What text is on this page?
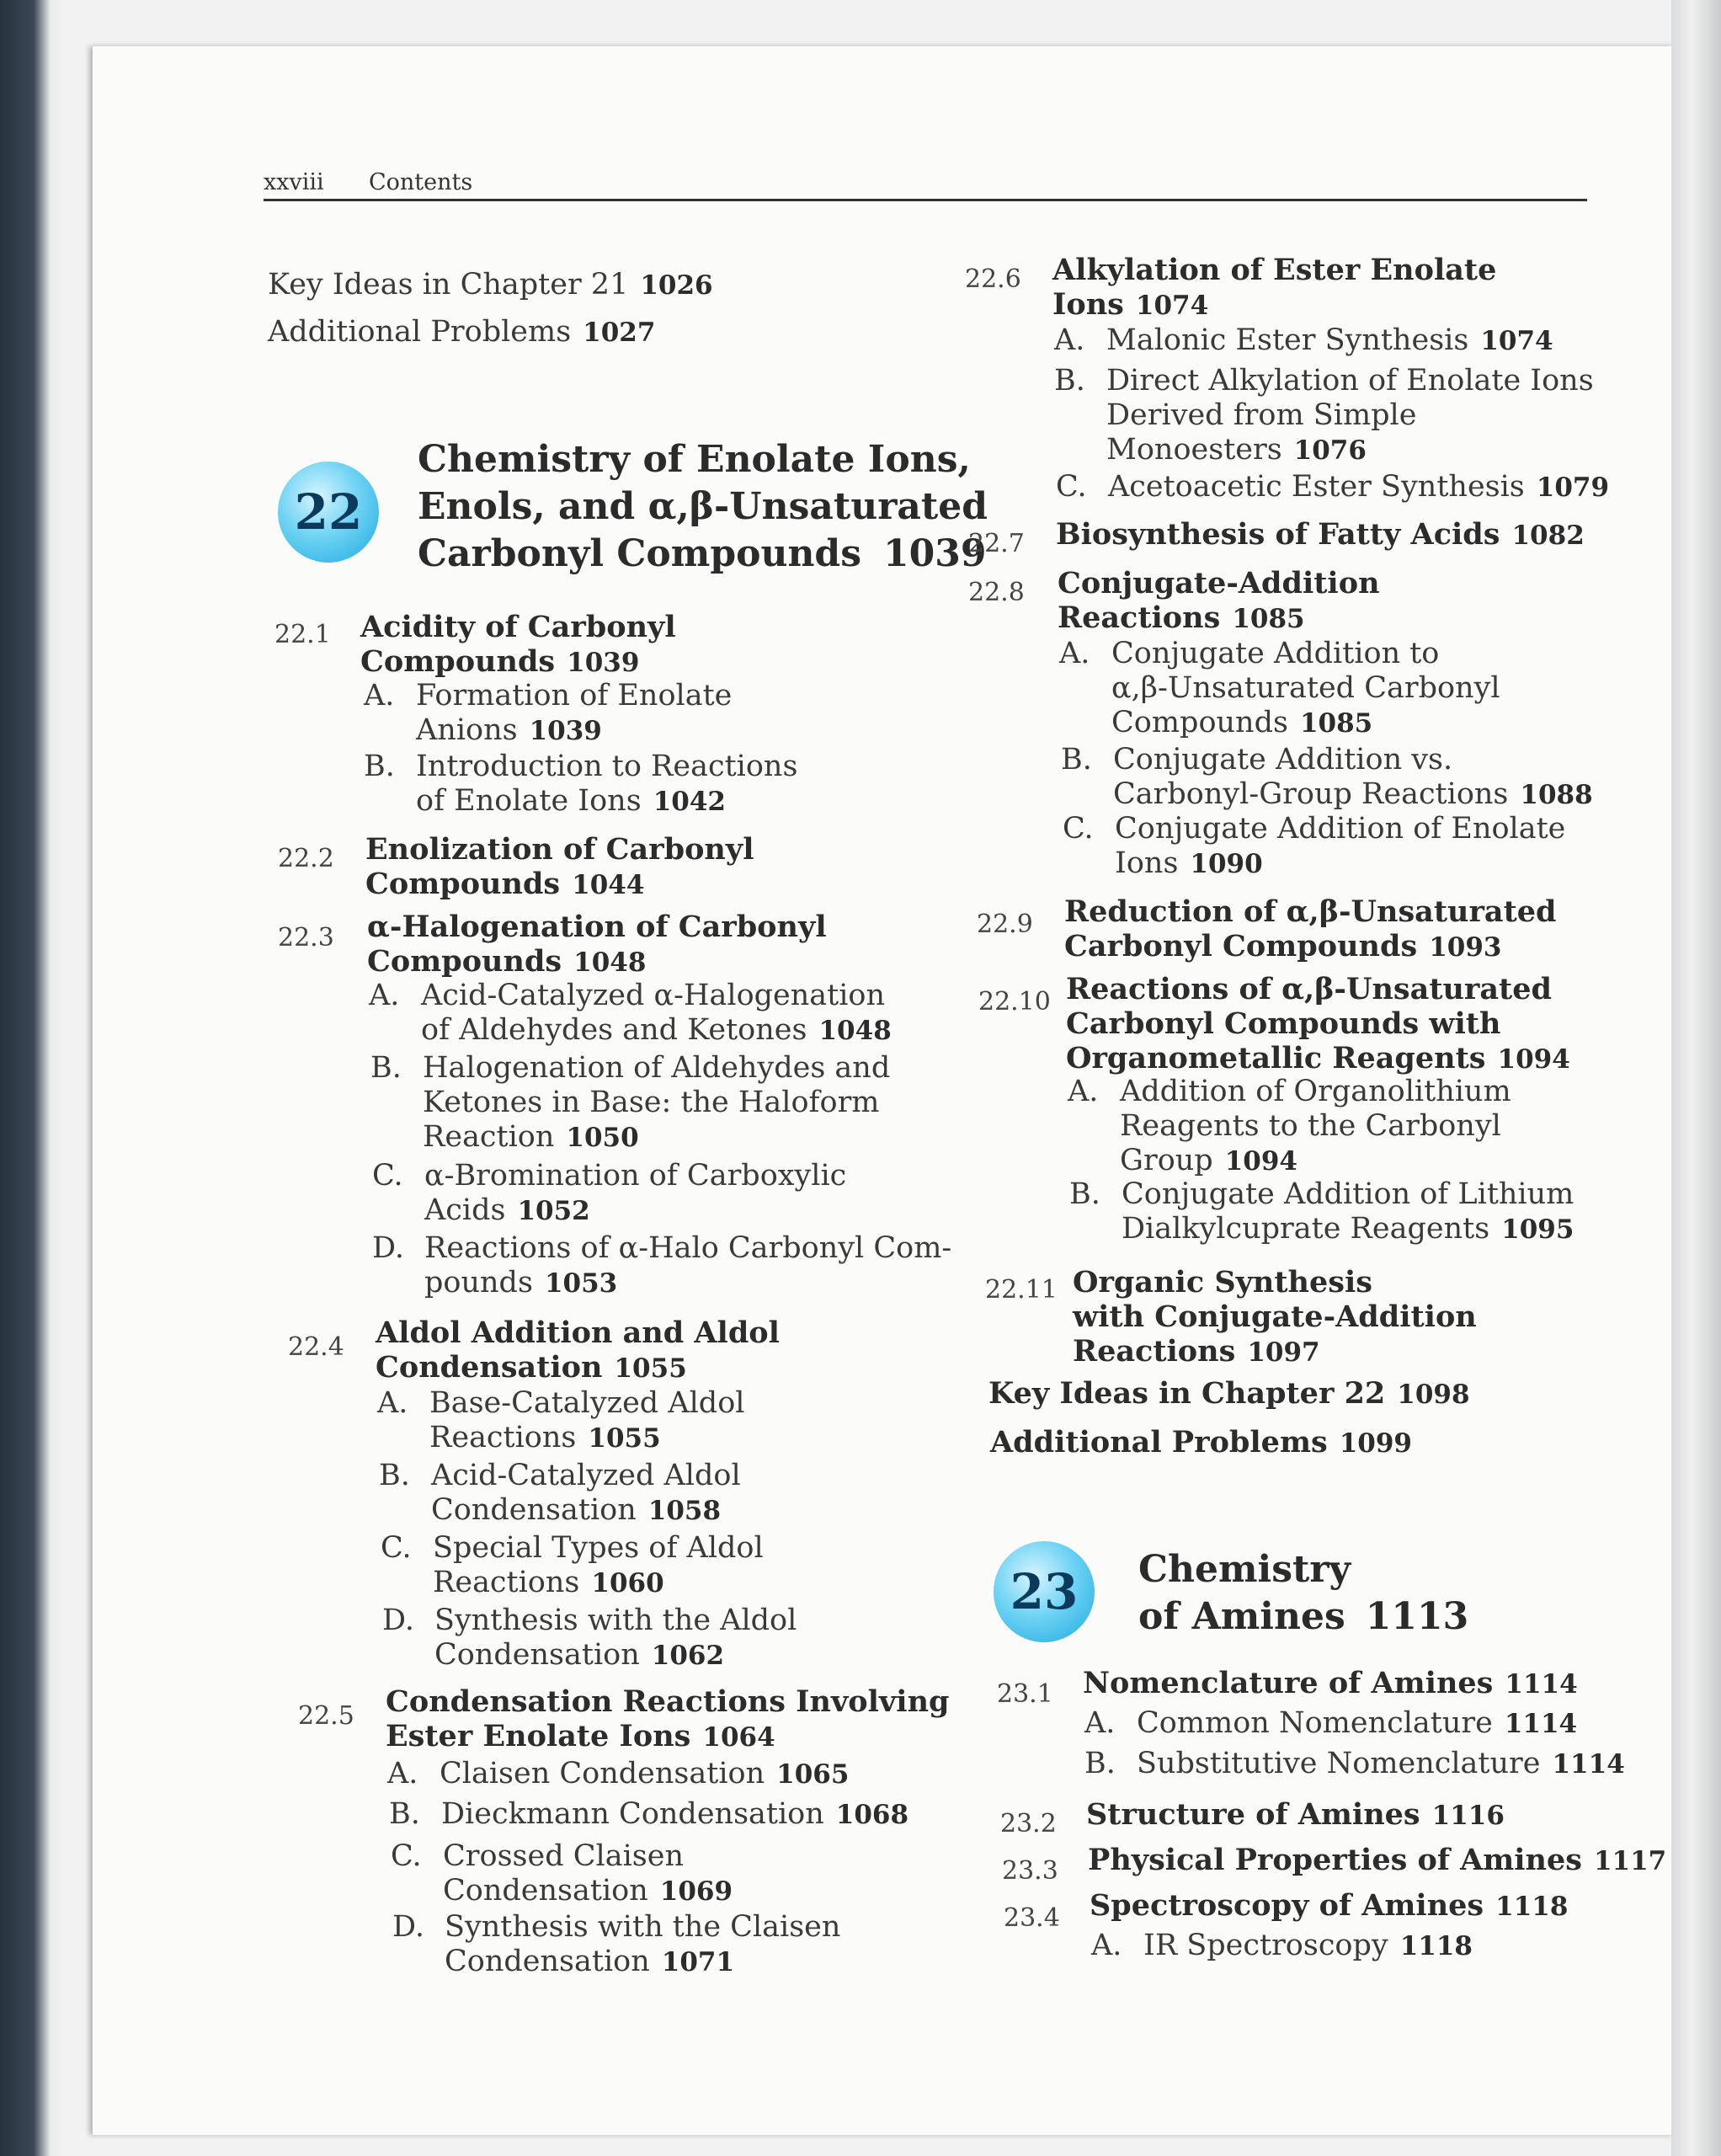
xxviii Contents
Key Ideas in Chapter 21 1026
Additional Problems 1027
22
Chemistry of Enolate Ions,
Enols, and α,β-Unsaturated
Carbonyl Compounds 1039
22.1 Acidity of Carbonyl
Compounds 1039
A. Formation of Enolate
Anions 1039
B. Introduction to Reactions
of Enolate Ions 1042
22.2 Enolization of Carbonyl
Compounds 1044
22.3 α-Halogenation of Carbonyl
Compounds 1048
A. Acid-Catalyzed α-Halogenation
of Aldehydes and Ketones 1048
B. Halogenation of Aldehydes and
Ketones in Base: the Haloform
Reaction 1050
C. α-Bromination of Carboxylic
Acids 1052
D. Reactions of α-Halo Carbonyl Com-
pounds 1053
22.4 Aldol Addition and Aldol
Condensation 1055
A. Base-Catalyzed Aldol
Reactions 1055
B. Acid-Catalyzed Aldol
Condensation 1058
C. Special Types of Aldol
Reactions 1060
D. Synthesis with the Aldol
Condensation 1062
22.5 Condensation Reactions Involving
Ester Enolate Ions 1064
A. Claisen Condensation 1065
B. Dieckmann Condensation 1068
C. Crossed Claisen
Condensation 1069
D. Synthesis with the Claisen
Condensation 1071
22.6 Alkylation of Ester Enolate
Ions 1074
A. Malonic Ester Synthesis 1074
B. Direct Alkylation of Enolate Ions
Derived from Simple
Monoesters 1076
C. Acetoacetic Ester Synthesis 1079
22.7 Biosynthesis of Fatty Acids 1082
22.8 Conjugate-Addition
Reactions 1085
A. Conjugate Addition to
α,β-Unsaturated Carbonyl
Compounds 1085
B. Conjugate Addition vs.
Carbonyl-Group Reactions 1088
C. Conjugate Addition of Enolate
Ions 1090
22.9 Reduction of α,β-Unsaturated
Carbonyl Compounds 1093
22.10 Reactions of α,β-Unsaturated
Carbonyl Compounds with
Organometallic Reagents 1094
A. Addition of Organolithium
Reagents to the Carbonyl
Group 1094
B. Conjugate Addition of Lithium
Dialkylcuprate Reagents 1095
22.11 Organic Synthesis
with Conjugate-Addition
Reactions 1097
Key Ideas in Chapter 22 1098
Additional Problems 1099
23 Chemistry
of Amines 1113
23.1 Nomenclature of Amines 1114
A. Common Nomenclature 1114
B. Substitutive Nomenclature 1114
23.2 Structure of Amines 1116
23.3 Physical Properties of Amines 1117
23.4 Spectroscopy of Amines 1118
A. IR Spectroscopy 1118
